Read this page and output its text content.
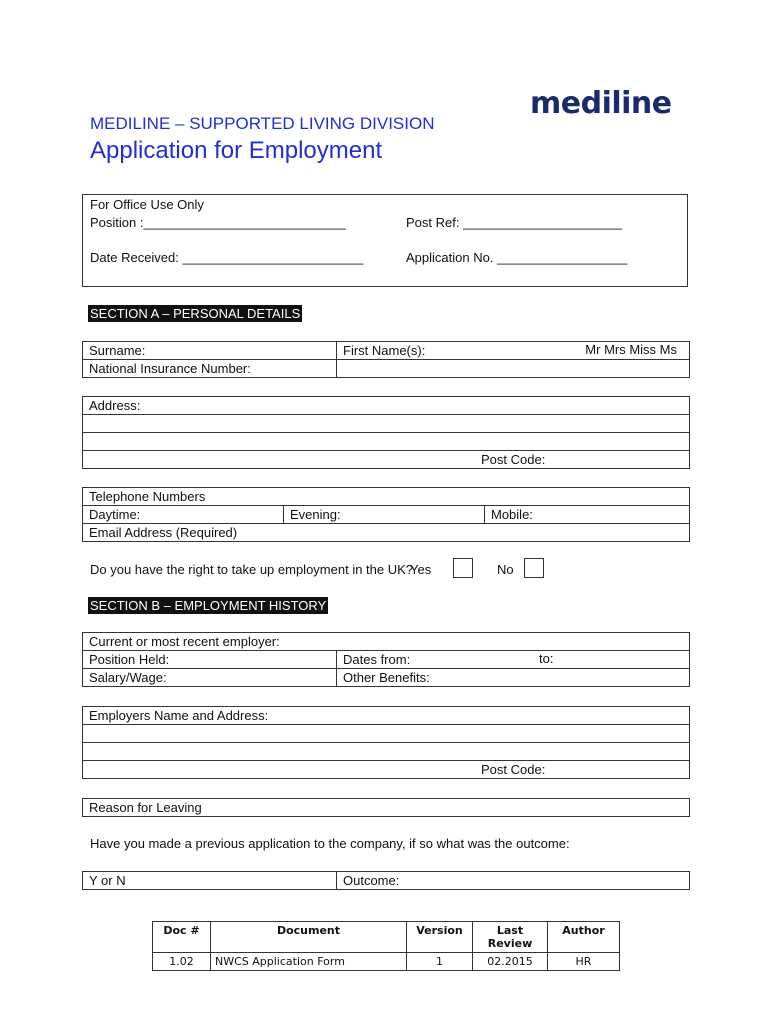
mediline
MEDILINE – SUPPORTED LIVING DIVISION
Application for Employment
For Office Use Only
Position :____________________________	Post Ref: ______________________
Date Received: _________________________	Application No. __________________
SECTION A – PERSONAL DETAILS
Surname:	First Name(s): Mr Mrs Miss Ms

National Insurance Number:	
Address:

Post Code:
Telephone Numbers
Daytime:	Evening:	Mobile:
Email Address (Required)
Do you have the right to take up employment in the UK?
Yes	No
SECTION B – EMPLOYMENT HISTORY
Current or most recent employer:	
Position Held:	Dates from: to:

Salary/Wage:	Other Benefits:
Employers Name and Address:

Post Code:
Reason for Leaving
Have you made a previous application to the company, if so what was the outcome:
Y or N	Outcome:
Doc #	Document	Version	Last Review	Author
1.02	NWCS Application Form	1	02.2015	HR
